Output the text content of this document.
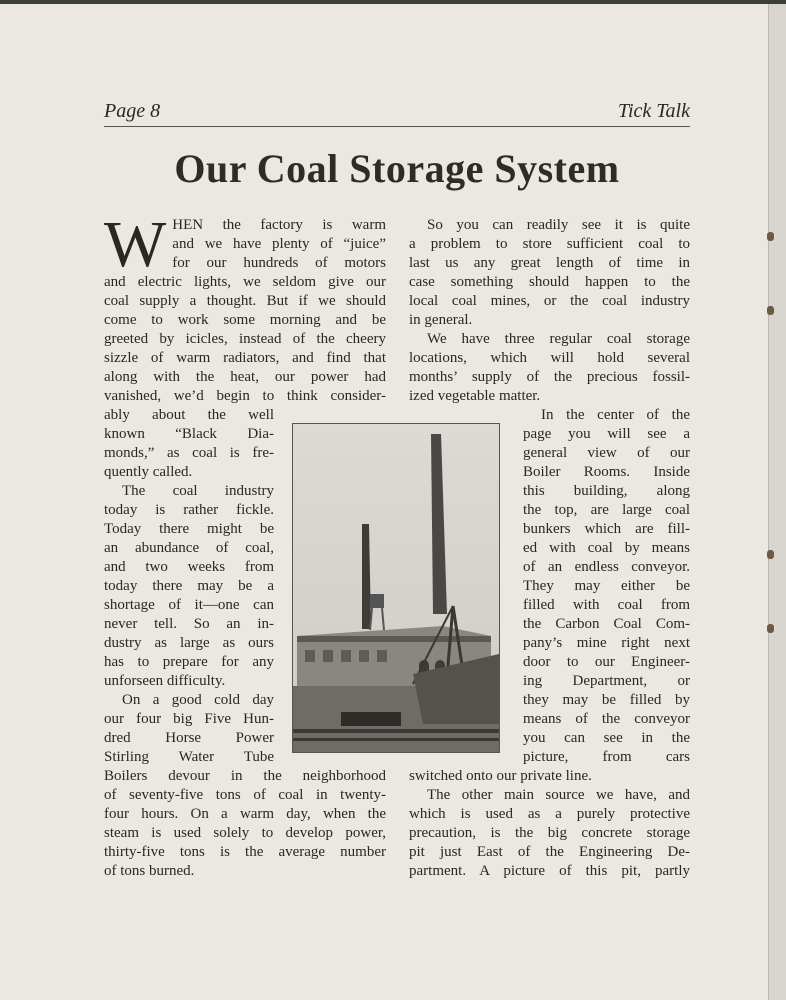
Page 8	Tick Talk
Our Coal Storage System
W HEN the factory is warm
and we have plenty of “juice”
for our hundreds of motors
and electric lights, we seldom give our
coal supply a thought. But if we should
come to work some morning and be
greeted by icicles, instead of the cheery
sizzle of warm radiators, and find that
along with the heat, our power had
vanished, we’d begin to think consider-
ably about the well
known “Black Dia-
monds,” as coal is fre-
quently called.
The coal industry
today is rather fickle.
Today there might be
an abundance of coal,
and two weeks from
today there may be a
shortage of it—one can
never tell. So an in-
dustry as large as ours
has to prepare for any
unforseen difficulty.
On a good cold day
our four big Five Hun-
dred Horse Power
Stirling Water Tube
Boilers devour in the neighborhood
of seventy-five tons of coal in twenty-
four hours. On a warm day, when the
steam is used solely to develop power,
thirty-five tons is the average number
of tons burned.
So you can readily see it is quite
a problem to store sufficient coal to
last us any great length of time in
case something should happen to the
local coal mines, or the coal industry
in general.
We have three regular coal storage
locations, which will hold several
months’ supply of the precious fossil-
ized vegetable matter.
In the center of the
page you will see a
general view of our
Boiler Rooms. Inside
this building, along
the top, are large coal
bunkers which are fill-
ed with coal by means
of an endless conveyor.
They may either be
filled with coal from
the Carbon Coal Com-
pany’s mine right next
door to our Engineer-
ing Department, or
they may be filled by
means of the conveyor
you can see in the
picture, from cars
switched onto our private line.
The other main source we have, and
which is used as a purely protective
precaution, is the big concrete storage
pit just East of the Engineering De-
partment. A picture of this pit, partly
